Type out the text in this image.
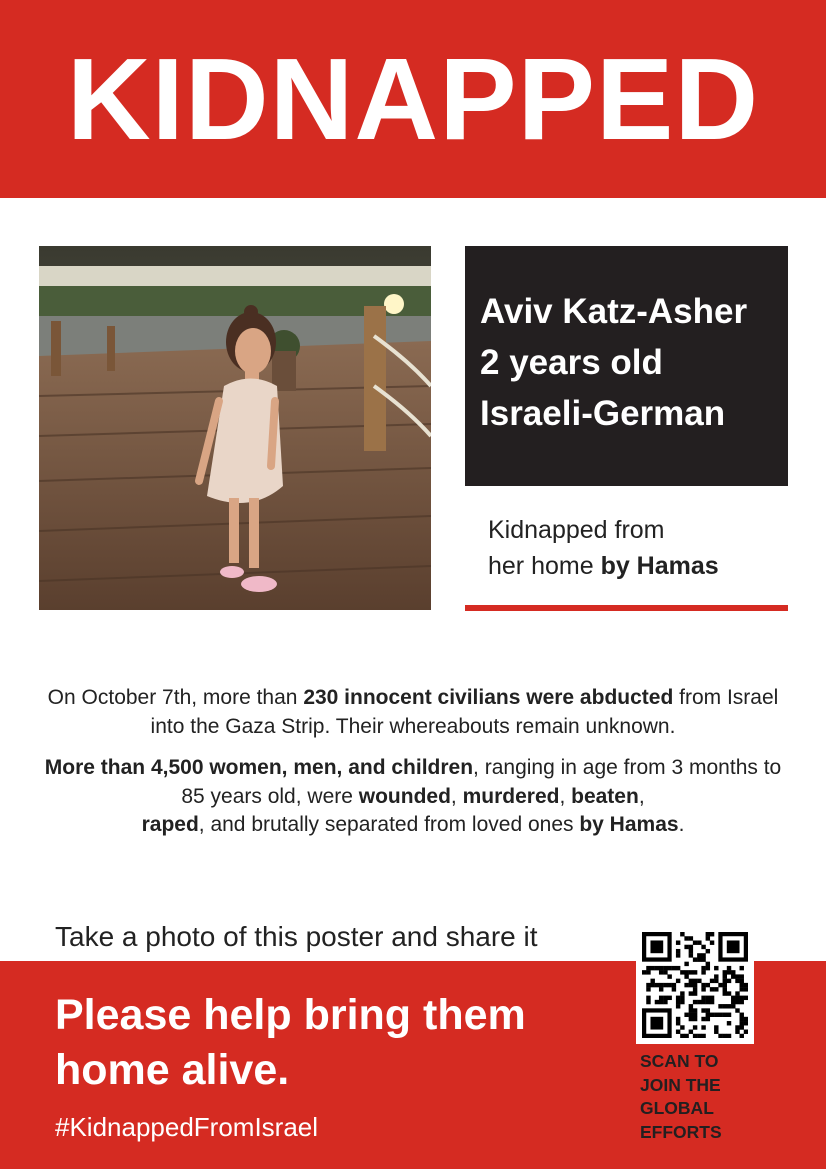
KIDNAPPED
Aviv Katz-Asher
2 years old
Israeli-German
Kidnapped from
her home by Hamas
On October 7th, more than 230 innocent civilians were abducted from Israel into the Gaza Strip. Their whereabouts remain unknown.
More than 4,500 women, men, and children, ranging in age from 3 months to 85 years old, were wounded, murdered, beaten,
raped, and brutally separated from loved ones by Hamas.
Take a photo of this poster and share it
Please help bring them
home alive.
#KidnappedFromIsrael
SCAN TO
JOIN THE
GLOBAL
EFFORTS
